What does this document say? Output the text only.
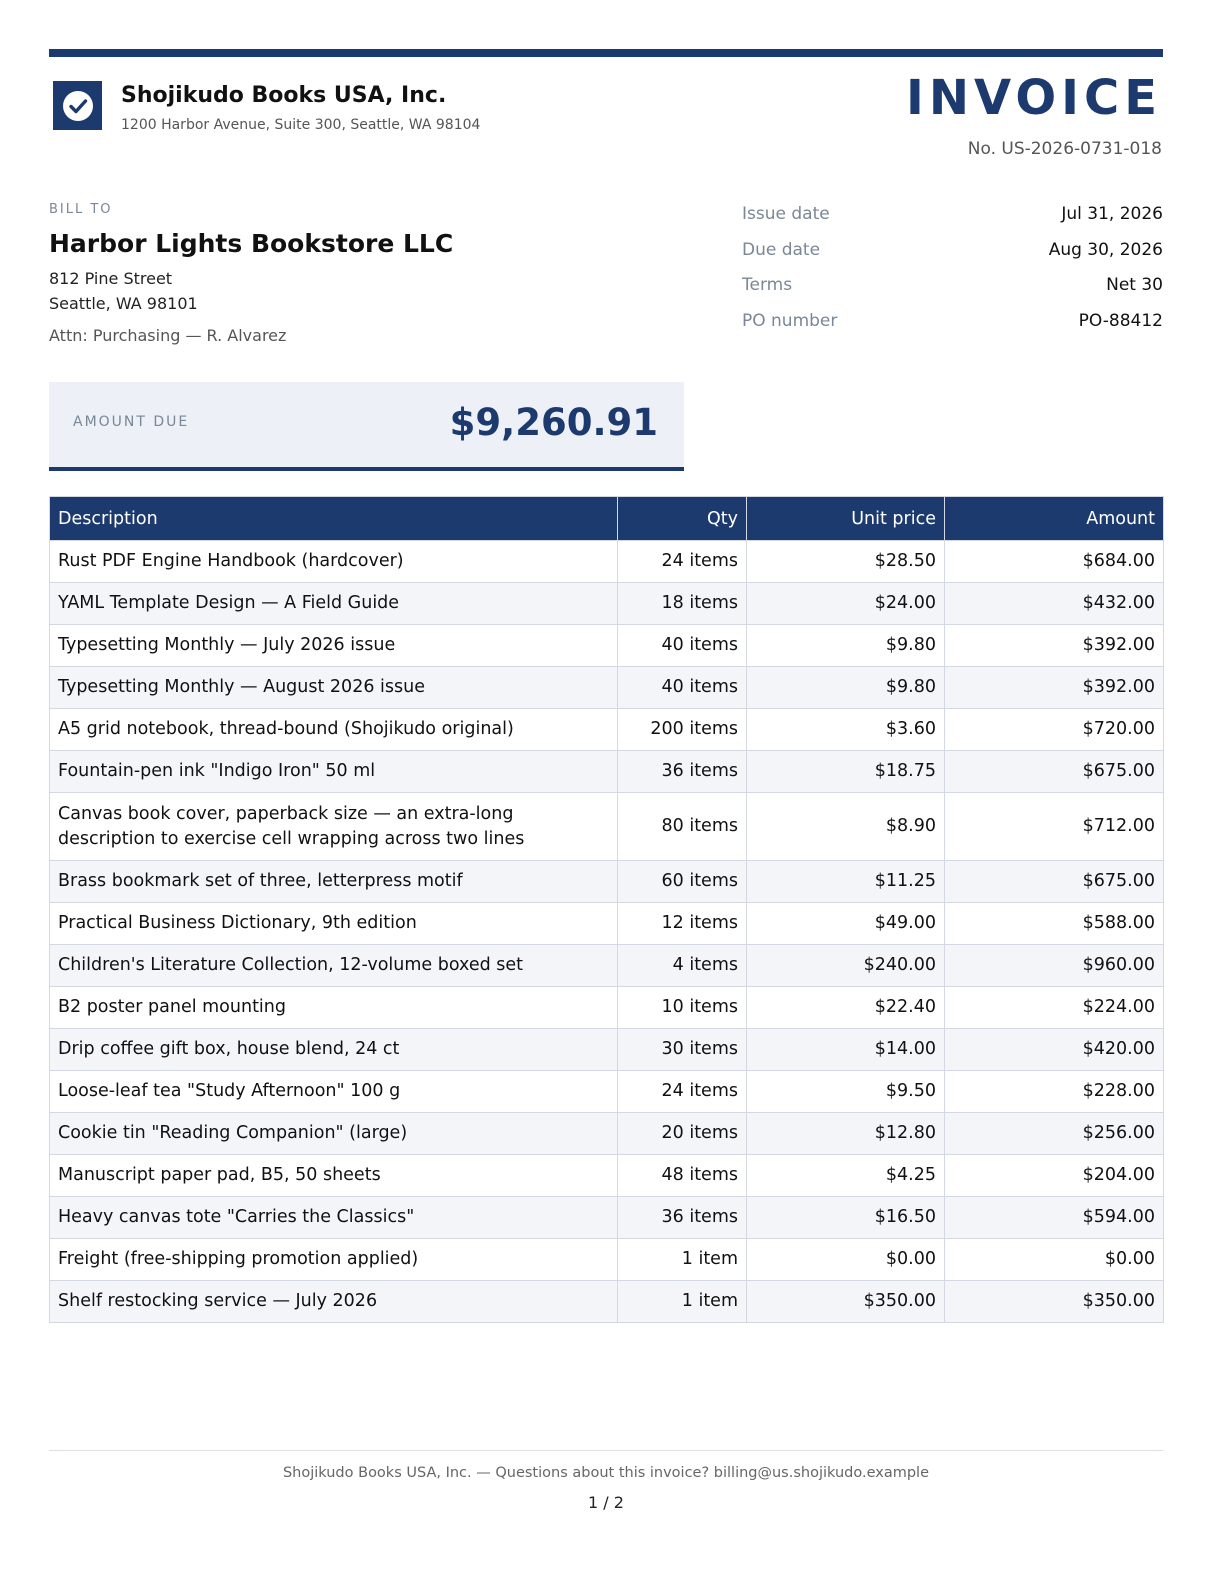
Shojikudo Books USA, Inc.
1200 Harbor Avenue, Suite 300, Seattle, WA 98104	INVOICE
No. US-2026-0731-018
BILL TO
Harbor Lights Bookstore LLC
812 Pine Street
Seattle, WA 98101
Attn: Purchasing — R. Alvarez
Issue date	Jul 31, 2026
Due date	Aug 30, 2026
Terms	Net 30
PO number	PO-88412
AMOUNT DUE	$9,260.91
Description	Qty	Unit price	Amount
Rust PDF Engine Handbook (hardcover)	24 items	$28.50	$684.00
YAML Template Design — A Field Guide	18 items	$24.00	$432.00
Typesetting Monthly — July 2026 issue	40 items	$9.80	$392.00
Typesetting Monthly — August 2026 issue	40 items	$9.80	$392.00
A5 grid notebook, thread-bound (Shojikudo original)	200 items	$3.60	$720.00
Fountain-pen ink "Indigo Iron" 50 ml	36 items	$18.75	$675.00
Canvas book cover, paperback size — an extra-long description to exercise cell wrapping across two lines	80 items	$8.90	$712.00
Brass bookmark set of three, letterpress motif	60 items	$11.25	$675.00
Practical Business Dictionary, 9th edition	12 items	$49.00	$588.00
Children's Literature Collection, 12-volume boxed set	4 items	$240.00	$960.00
B2 poster panel mounting	10 items	$22.40	$224.00
Drip coffee gift box, house blend, 24 ct	30 items	$14.00	$420.00
Loose-leaf tea "Study Afternoon" 100 g	24 items	$9.50	$228.00
Cookie tin "Reading Companion" (large)	20 items	$12.80	$256.00
Manuscript paper pad, B5, 50 sheets	48 items	$4.25	$204.00
Heavy canvas tote "Carries the Classics"	36 items	$16.50	$594.00
Freight (free-shipping promotion applied)	1 item	$0.00	$0.00
Shelf restocking service — July 2026	1 item	$350.00	$350.00
Shojikudo Books USA, Inc. — Questions about this invoice? billing@us.shojikudo.example
1 / 2
